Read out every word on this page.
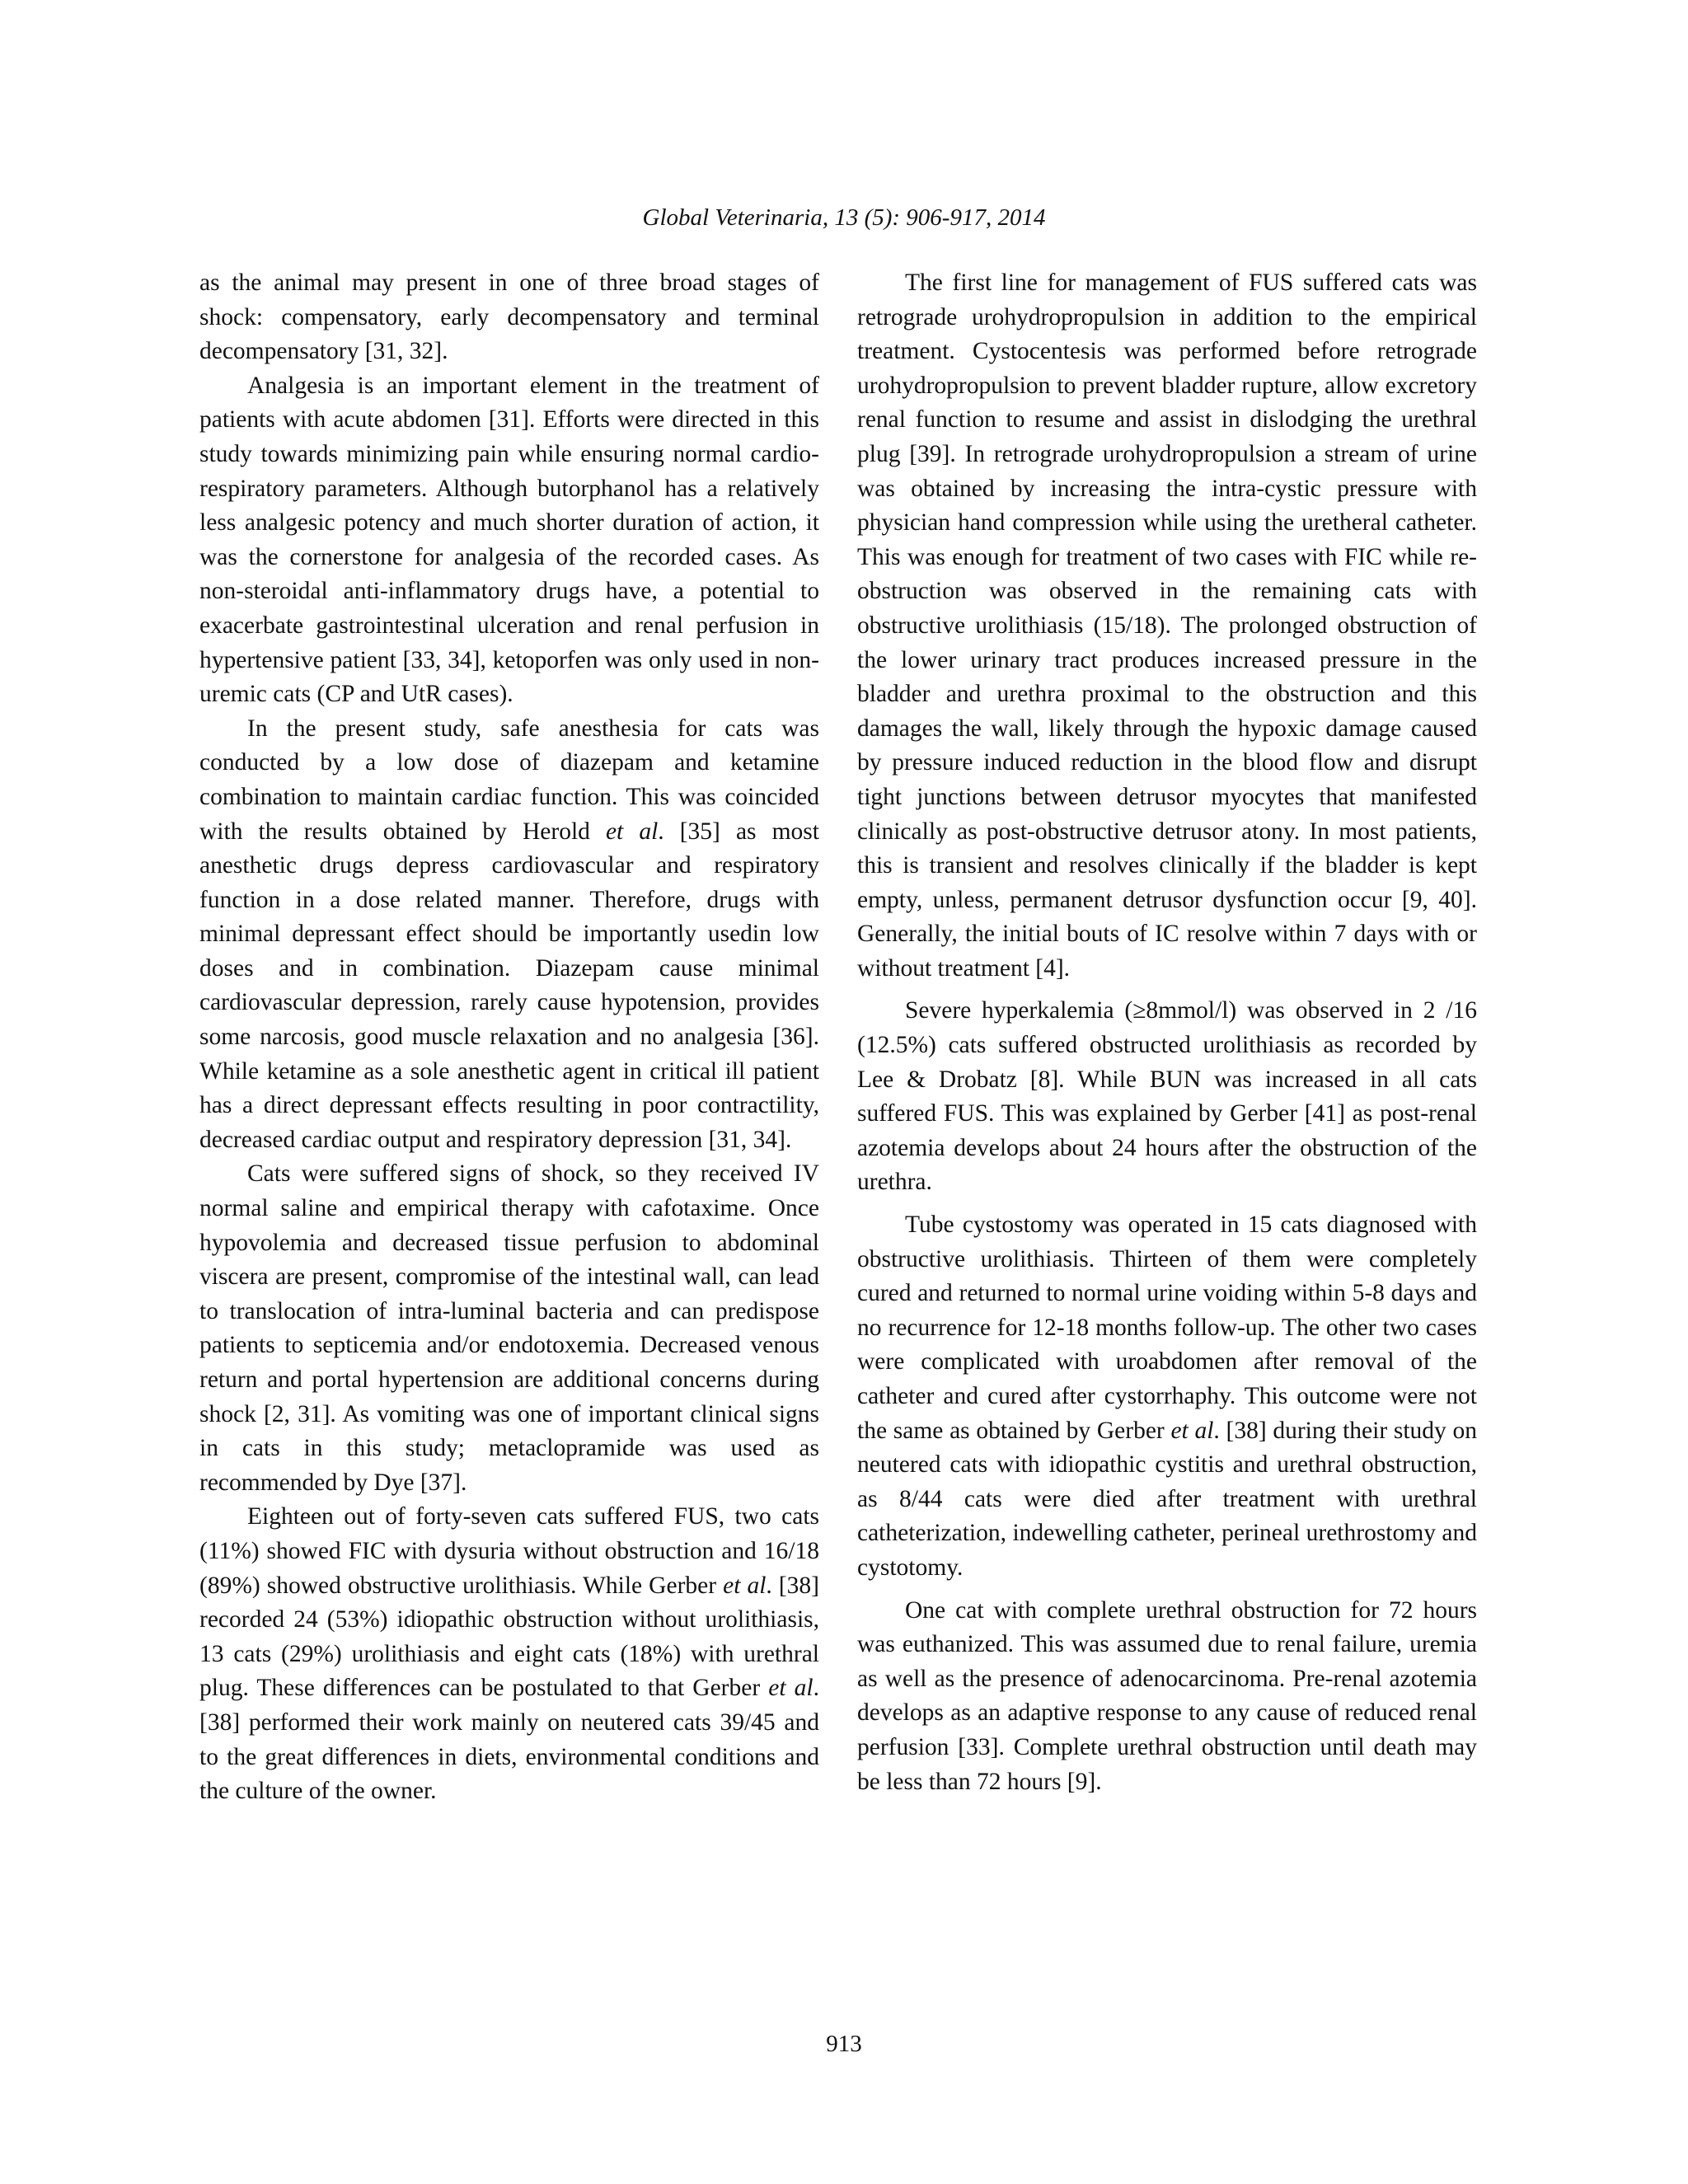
Global Veterinaria, 13 (5): 906-917, 2014

as the animal may present in one of three broad stages of shock: compensatory, early decompensatory and terminal decompensatory [31, 32].

Analgesia is an important element in the treatment of patients with acute abdomen [31]. Efforts were directed in this study towards minimizing pain while ensuring normal cardio-respiratory parameters. Although butorphanol has a relatively less analgesic potency and much shorter duration of action, it was the cornerstone for analgesia of the recorded cases. As non-steroidal anti-inflammatory drugs have, a potential to exacerbate gastrointestinal ulceration and renal perfusion in hypertensive patient [33, 34], ketoporfen was only used in non-uremic cats (CP and UtR cases).

In the present study, safe anesthesia for cats was conducted by a low dose of diazepam and ketamine combination to maintain cardiac function. This was coincided with the results obtained by Herold et al. [35] as most anesthetic drugs depress cardiovascular and respiratory function in a dose related manner. Therefore, drugs with minimal depressant effect should be importantly usedin low doses and in combination. Diazepam cause minimal cardiovascular depression, rarely cause hypotension, provides some narcosis, good muscle relaxation and no analgesia [36]. While ketamine as a sole anesthetic agent in critical ill patient has a direct depressant effects resulting in poor contractility, decreased cardiac output and respiratory depression [31, 34].

Cats were suffered signs of shock, so they received IV normal saline and empirical therapy with cafotaxime. Once hypovolemia and decreased tissue perfusion to abdominal viscera are present, compromise of the intestinal wall, can lead to translocation of intra-luminal bacteria and can predispose patients to septicemia and/or endotoxemia. Decreased venous return and portal hypertension are additional concerns during shock [2, 31]. As vomiting was one of important clinical signs in cats in this study; metaclopramide was used as recommended by Dye [37].

Eighteen out of forty-seven cats suffered FUS, two cats (11%) showed FIC with dysuria without obstruction and 16/18 (89%) showed obstructive urolithiasis. While Gerber et al. [38] recorded 24 (53%) idiopathic obstruction without urolithiasis, 13 cats (29%) urolithiasis and eight cats (18%) with urethral plug. These differences can be postulated to that Gerber et al. [38] performed their work mainly on neutered cats 39/45 and to the great differences in diets, environmental conditions and the culture of the owner.

The first line for management of FUS suffered cats was retrograde urohydropropulsion in addition to the empirical treatment. Cystocentesis was performed before retrograde urohydropropulsion to prevent bladder rupture, allow excretory renal function to resume and assist in dislodging the urethral plug [39]. In retrograde urohydropropulsion a stream of urine was obtained by increasing the intra-cystic pressure with physician hand compression while using the uretheral catheter. This was enough for treatment of two cases with FIC while re-obstruction was observed in the remaining cats with obstructive urolithiasis (15/18). The prolonged obstruction of the lower urinary tract produces increased pressure in the bladder and urethra proximal to the obstruction and this damages the wall, likely through the hypoxic damage caused by pressure induced reduction in the blood flow and disrupt tight junctions between detrusor myocytes that manifested clinically as post-obstructive detrusor atony. In most patients, this is transient and resolves clinically if the bladder is kept empty, unless, permanent detrusor dysfunction occur [9, 40]. Generally, the initial bouts of IC resolve within 7 days with or without treatment [4].

Severe hyperkalemia (≥8mmol/l) was observed in 2 /16 (12.5%) cats suffered obstructed urolithiasis as recorded by Lee & Drobatz [8]. While BUN was increased in all cats suffered FUS. This was explained by Gerber [41] as post-renal azotemia develops about 24 hours after the obstruction of the urethra.

Tube cystostomy was operated in 15 cats diagnosed with obstructive urolithiasis. Thirteen of them were completely cured and returned to normal urine voiding within 5-8 days and no recurrence for 12-18 months follow-up. The other two cases were complicated with uroabdomen after removal of the catheter and cured after cystorrhaphy. This outcome were not the same as obtained by Gerber et al. [38] during their study on neutered cats with idiopathic cystitis and urethral obstruction, as 8/44 cats were died after treatment with urethral catheterization, indewelling catheter, perineal urethrostomy and cystotomy.

One cat with complete urethral obstruction for 72 hours was euthanized. This was assumed due to renal failure, uremia as well as the presence of adenocarcinoma. Pre-renal azotemia develops as an adaptive response to any cause of reduced renal perfusion [33]. Complete urethral obstruction until death may be less than 72 hours [9].

913
